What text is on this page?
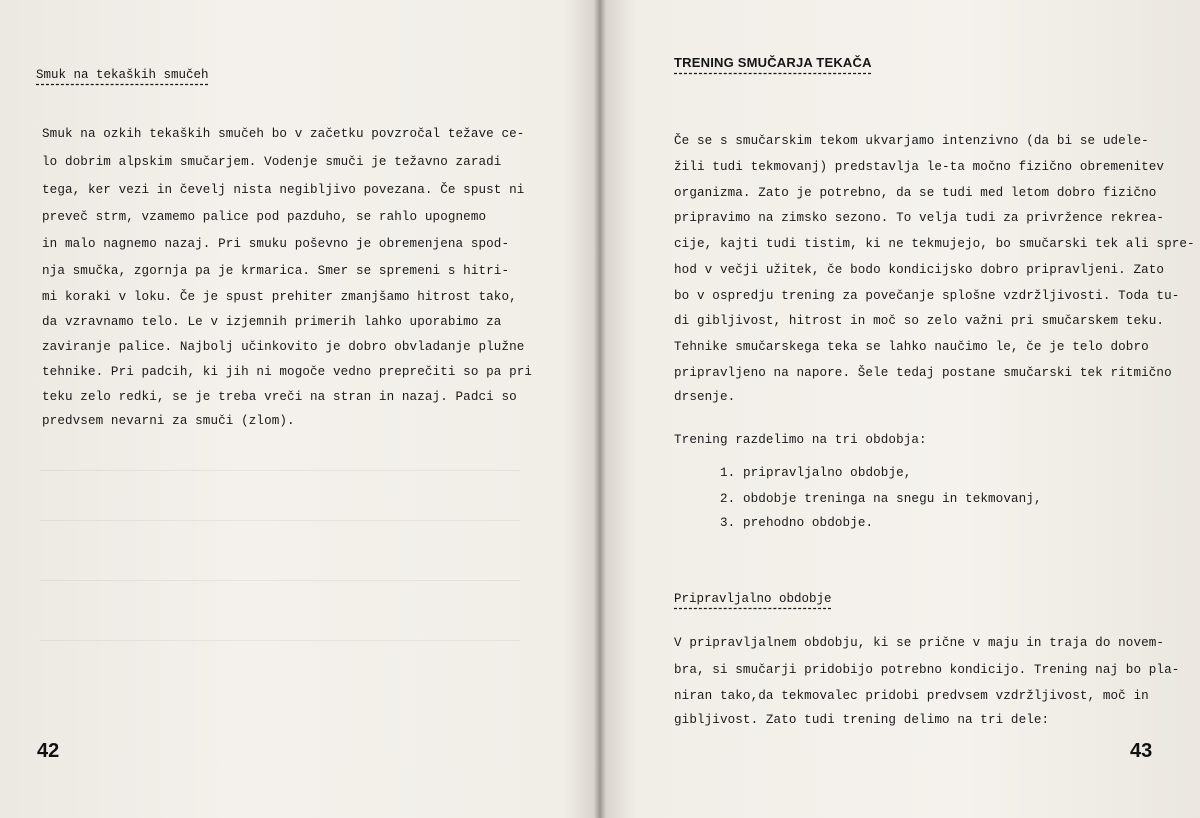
Smuk na tekaških smučeh
Smuk na ozkih tekaških smučeh bo v začetku povzročal težave ce-
lo dobrim alpskim smučarjem. Vodenje smuči je težavno zaradi
tega, ker vezi in čevelj nista negibljivo povezana. Če spust ni
preveč strm, vzamemo palice pod pazduho, se rahlo upognemo
in malo nagnemo nazaj. Pri smuku poševno je obremenjena spod-
nja smučka, zgornja pa je krmarica. Smer se spremeni s hitri-
mi koraki v loku. Če je spust prehiter zmanjšamo hitrost tako,
da vzravnamo telo. Le v izjemnih primerih lahko uporabimo za
zaviranje palice. Najbolj učinkovito je dobro obvladanje plužne
tehnike. Pri padcih, ki jih ni mogoče vedno preprečiti so pa pri
teku zelo redki, se je treba vreči na stran in nazaj. Padci so
predvsem nevarni za smuči (zlom).
42
TRENING SMUČARJA TEKAČA
Če se s smučarskim tekom ukvarjamo intenzivno (da bi se udele-
žili tudi tekmovanj) predstavlja le-ta močno fizično obremenitev
organizma. Zato je potrebno, da se tudi med letom dobro fizično
pripravimo na zimsko sezono. To velja tudi za privržence rekrea-
cije, kajti tudi tistim, ki ne tekmujejo, bo smučarski tek ali spre-
hod v večji užitek, če bodo kondicijsko dobro pripravljeni. Zato
bo v ospredju trening za povečanje splošne vzdržljivosti. Toda tu-
di gibljivost, hitrost in moč so zelo važni pri smučarskem teku.
Tehnike smučarskega teka se lahko naučimo le, če je telo dobro
pripravljeno na napore. Šele tedaj postane smučarski tek ritmično
drsenje.
Trening razdelimo na tri obdobja:
1. pripravljalno obdobje,
2. obdobje treninga na snegu in tekmovanj,
3. prehodno obdobje.
Pripravljalno obdobje
V pripravljalnem obdobju, ki se prične v maju in traja do novem-
bra, si smučarji pridobijo potrebno kondicijo. Trening naj bo pla-
niran tako,da tekmovalec pridobi predvsem vzdržljivost, moč in
gibljivost. Zato tudi trening delimo na tri dele:
43
